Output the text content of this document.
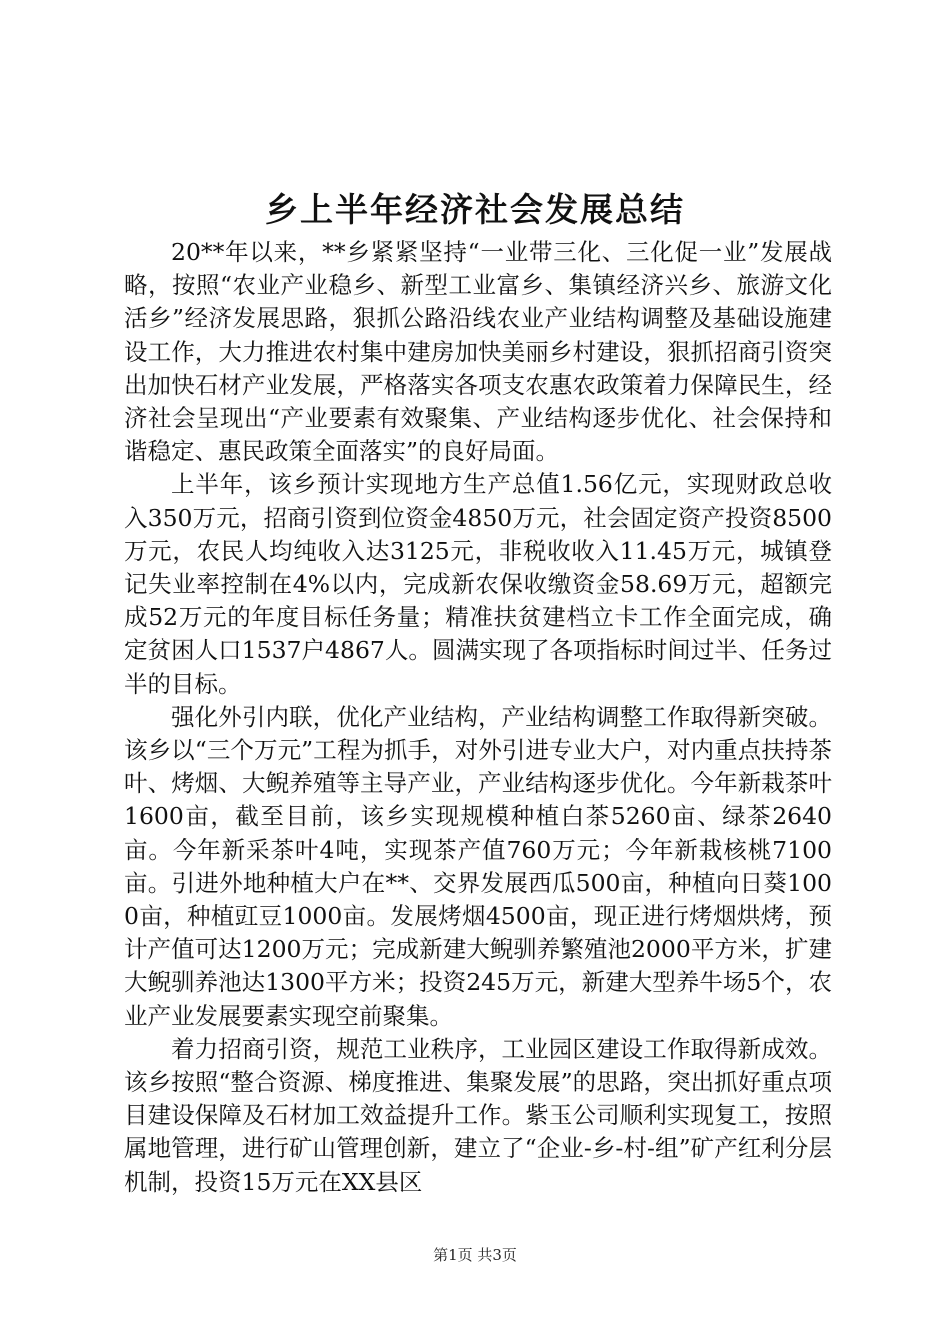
乡上半年经济社会发展总结

20**年以来，**乡紧紧坚持“一业带三化、三化促一业”发展战略，按照“农业产业稳乡、新型工业富乡、集镇经济兴乡、旅游文化活乡”经济发展思路，狠抓公路沿线农业产业结构调整及基础设施建设工作，大力推进农村集中建房加快美丽乡村建设，狠抓招商引资突出加快石材产业发展，严格落实各项支农惠农政策着力保障民生，经济社会呈现出“产业要素有效聚集、产业结构逐步优化、社会保持和谐稳定、惠民政策全面落实”的良好局面。

上半年，该乡预计实现地方生产总值1.56亿元，实现财政总收入350万元，招商引资到位资金4850万元，社会固定资产投资8500万元，农民人均纯收入达3125元，非税收收入11.45万元，城镇登记失业率控制在4%以内，完成新农保收缴资金58.69万元，超额完成52万元的年度目标任务量；精准扶贫建档立卡工作全面完成，确定贫困人口1537户4867人。圆满实现了各项指标时间过半、任务过半的目标。

强化外引内联，优化产业结构，产业结构调整工作取得新突破。该乡以“三个万元”工程为抓手，对外引进专业大户，对内重点扶持茶叶、烤烟、大鲵养殖等主导产业，产业结构逐步优化。今年新栽茶叶1600亩，截至目前，该乡实现规模种植白茶5260亩、绿茶2640亩。今年新采茶叶4吨，实现茶产值760万元；今年新栽核桃7100亩。引进外地种植大户在**、交界发展西瓜500亩，种植向日葵1000亩，种植豇豆1000亩。发展烤烟4500亩，现正进行烤烟烘烤，预计产值可达1200万元；完成新建大鲵驯养繁殖池2000平方米，扩建大鲵驯养池达1300平方米；投资245万元，新建大型养牛场5个，农业产业发展要素实现空前聚集。

着力招商引资，规范工业秩序，工业园区建设工作取得新成效。该乡按照“整合资源、梯度推进、集聚发展”的思路，突出抓好重点项目建设保障及石材加工效益提升工作。紫玉公司顺利实现复工，按照属地管理，进行矿山管理创新，建立了“企业-乡-村-组”矿产红利分层机制，投资15万元在XX县区

第1页 共3页
